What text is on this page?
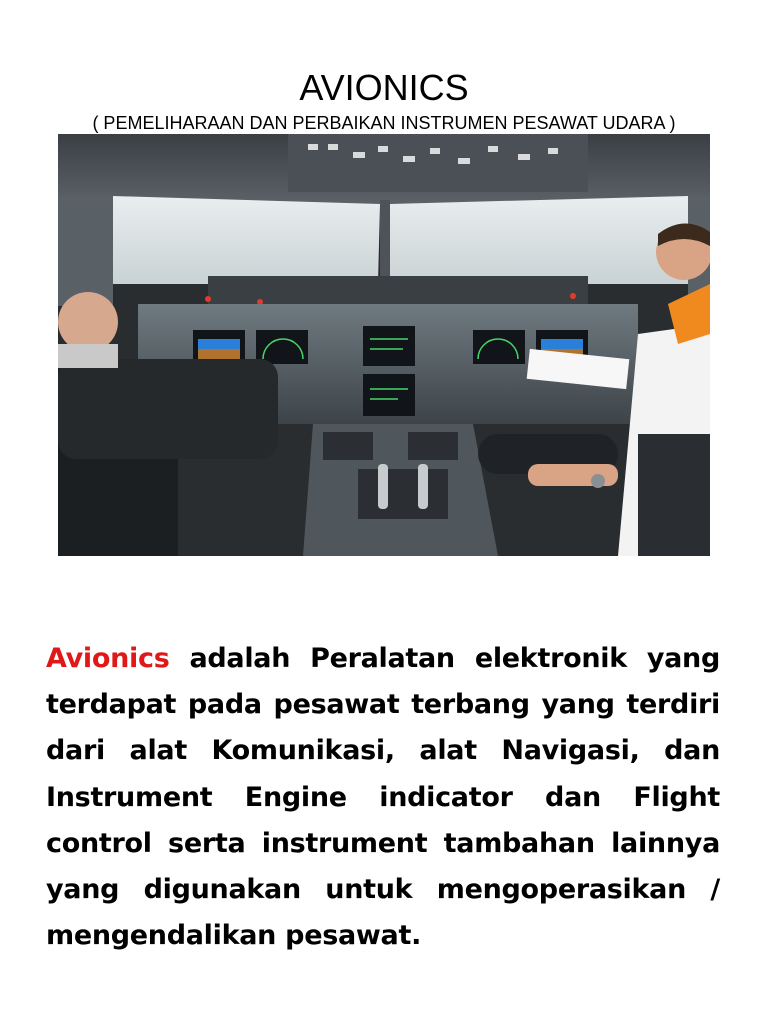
AVIONICS
( PEMELIHARAAN DAN PERBAIKAN INSTRUMEN PESAWAT UDARA )

Avionics adalah Peralatan elektronik yang terdapat pada pesawat terbang yang terdiri dari alat Komunikasi, alat Navigasi, dan Instrument Engine indicator dan Flight control serta instrument tambahan lainnya yang digunakan untuk mengoperasikan / mengendalikan pesawat.
